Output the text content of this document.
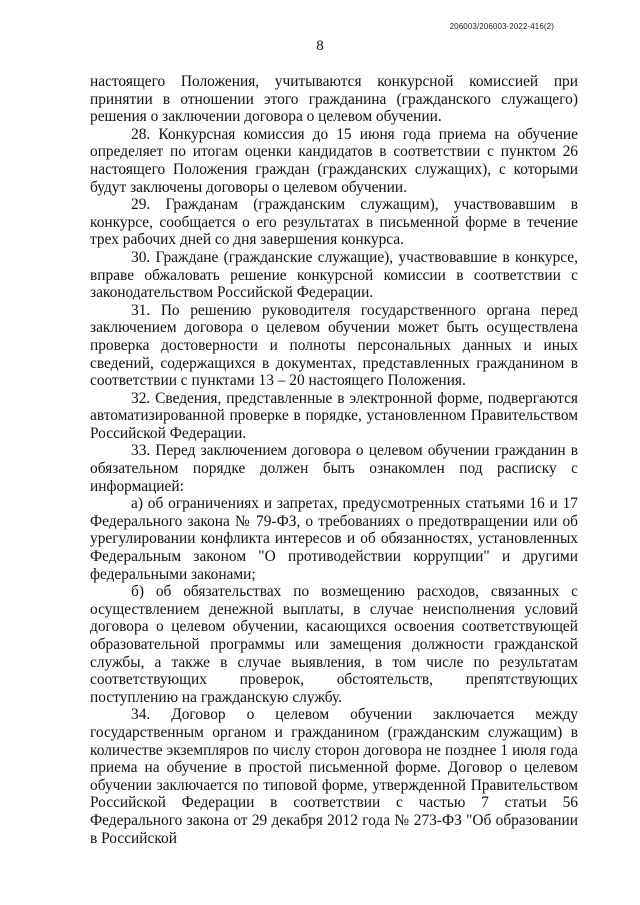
206003/206003-2022-416(2)
8

настоящего Положения, учитываются конкурсной комиссией при принятии в отношении этого гражданина (гражданского служащего) решения о заключении договора о целевом обучении.

28. Конкурсная комиссия до 15 июня года приема на обучение определяет по итогам оценки кандидатов в соответствии с пунктом 26 настоящего Положения граждан (гражданских служащих), с которыми будут заключены договоры о целевом обучении.

29. Гражданам (гражданским служащим), участвовавшим в конкурсе, сообщается о его результатах в письменной форме в течение трех рабочих дней со дня завершения конкурса.

30. Граждане (гражданские служащие), участвовавшие в конкурсе, вправе обжаловать решение конкурсной комиссии в соответствии с законодательством Российской Федерации.

31. По решению руководителя государственного органа перед заключением договора о целевом обучении может быть осуществлена проверка достоверности и полноты персональных данных и иных сведений, содержащихся в документах, представленных гражданином в соответствии с пунктами 13 – 20 настоящего Положения.

32. Сведения, представленные в электронной форме, подвергаются автоматизированной проверке в порядке, установленном Правительством Российской Федерации.

33. Перед заключением договора о целевом обучении гражданин в обязательном порядке должен быть ознакомлен под расписку с информацией:

а) об ограничениях и запретах, предусмотренных статьями 16 и 17 Федерального закона № 79-ФЗ, о требованиях о предотвращении или об урегулировании конфликта интересов и об обязанностях, установленных Федеральным законом "О противодействии коррупции" и другими федеральными законами;

б) об обязательствах по возмещению расходов, связанных с осуществлением денежной выплаты, в случае неисполнения условий договора о целевом обучении, касающихся освоения соответствующей образовательной программы или замещения должности гражданской службы, а также в случае выявления, в том числе по результатам соответствующих проверок, обстоятельств, препятствующих поступлению на гражданскую службу.

34. Договор о целевом обучении заключается между государственным органом и гражданином (гражданским служащим) в количестве экземпляров по числу сторон договора не позднее 1 июля года приема на обучение в простой письменной форме. Договор о целевом обучении заключается по типовой форме, утвержденной Правительством Российской Федерации в соответствии с частью 7 статьи 56 Федерального закона от 29 декабря 2012 года № 273-ФЗ "Об образовании в Российской
